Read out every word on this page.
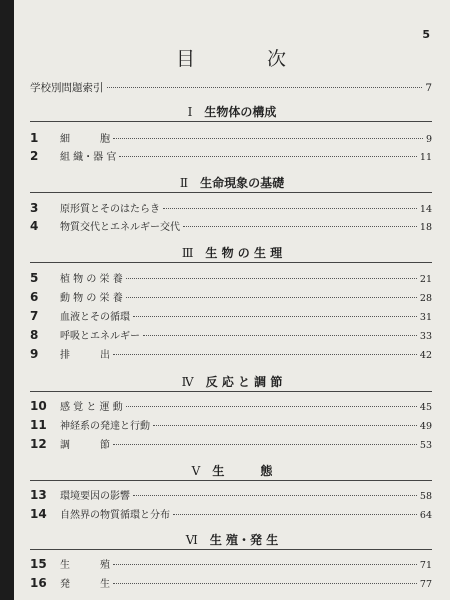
5
目	次
学校別問題索引	7
Ⅰ 生物体の構成
1	細　　　胞	9
2	組 織・器 官	11
Ⅱ 生命現象の基礎
3	原形質とそのはたらき	14
4	物質交代とエネルギー交代	18
Ⅲ 生 物 の 生 理
5	植 物 の 栄 養	21
6	動 物 の 栄 養	28
7	血液とその循環	31
8	呼吸とエネルギー	33
9	排　　　出	42
Ⅳ 反 応 と 調 節
10	感 覚 と 運 動	45
11	神経系の発達と行動	49
12	調　　　節	53
Ⅴ 生　　　態
13	環境要因の影響	58
14	自然界の物質循環と分布	64
Ⅵ 生 殖・発 生
15	生　　　殖	71
16	発　　　生	77
